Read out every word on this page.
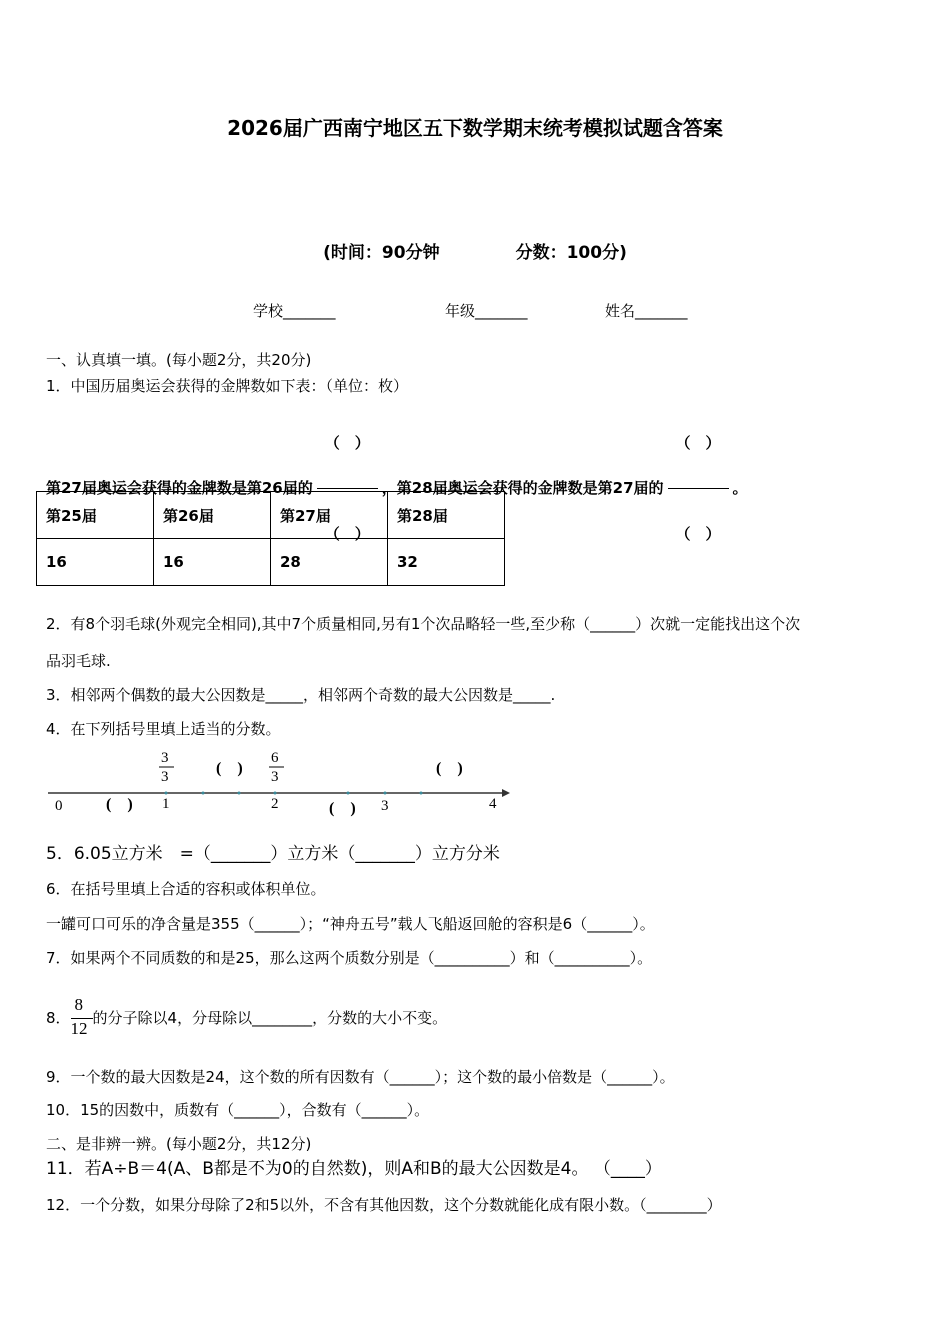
2026届广西南宁地区五下数学期末统考模拟试题含答案
(时间：90分钟	分数：100分)
学校_______	年级_______	姓名_______
一、认真填一填。(每小题2分，共20分)
1．中国历届奥运会获得的金牌数如下表：（单位：枚）
第27届奥运会获得的金牌数是第26届的 $\frac{( )}{( )}$ ，第28届奥运会获得的金牌数是第27届的 $\frac{( )}{( )}$ 。
第25届	第26届	第27届	第28届
16	16	28	32
2．有8个羽毛球(外观完全相同),其中7个质量相同,另有1个次品略轻一些,至少称（______）次就一定能找出这个次
品羽毛球.
3．相邻两个偶数的最大公因数是_____，相邻两个奇数的最大公因数是_____.
4．在下列括号里填上适当的分数。
0	1	2	3	4
3
3
6
3
(　)
(　)
(　)
(　)
5．6.05立方米　=（_______）立方米（_______）立方分米
6．在括号里填上合适的容积或体积单位。
一罐可口可乐的净含量是355（______）；“神舟五号”载人飞船返回舱的容积是6（______）。
7．如果两个不同质数的和是25，那么这两个质数分别是（__________）和（__________）。
8．
$\frac{8}{12}$
的分子除以4，分母除以________，分数的大小不变。
9．一个数的最大因数是24，这个数的所有因数有（______）；这个数的最小倍数是（______）。
10．15的因数中，质数有（______），合数有（______）。
二、是非辨一辨。(每小题2分，共12分)
11．若A÷B＝4(A、B都是不为0的自然数)，则A和B的最大公因数是4。 （____）
12．一个分数，如果分母除了2和5以外，不含有其他因数，这个分数就能化成有限小数。（________）
